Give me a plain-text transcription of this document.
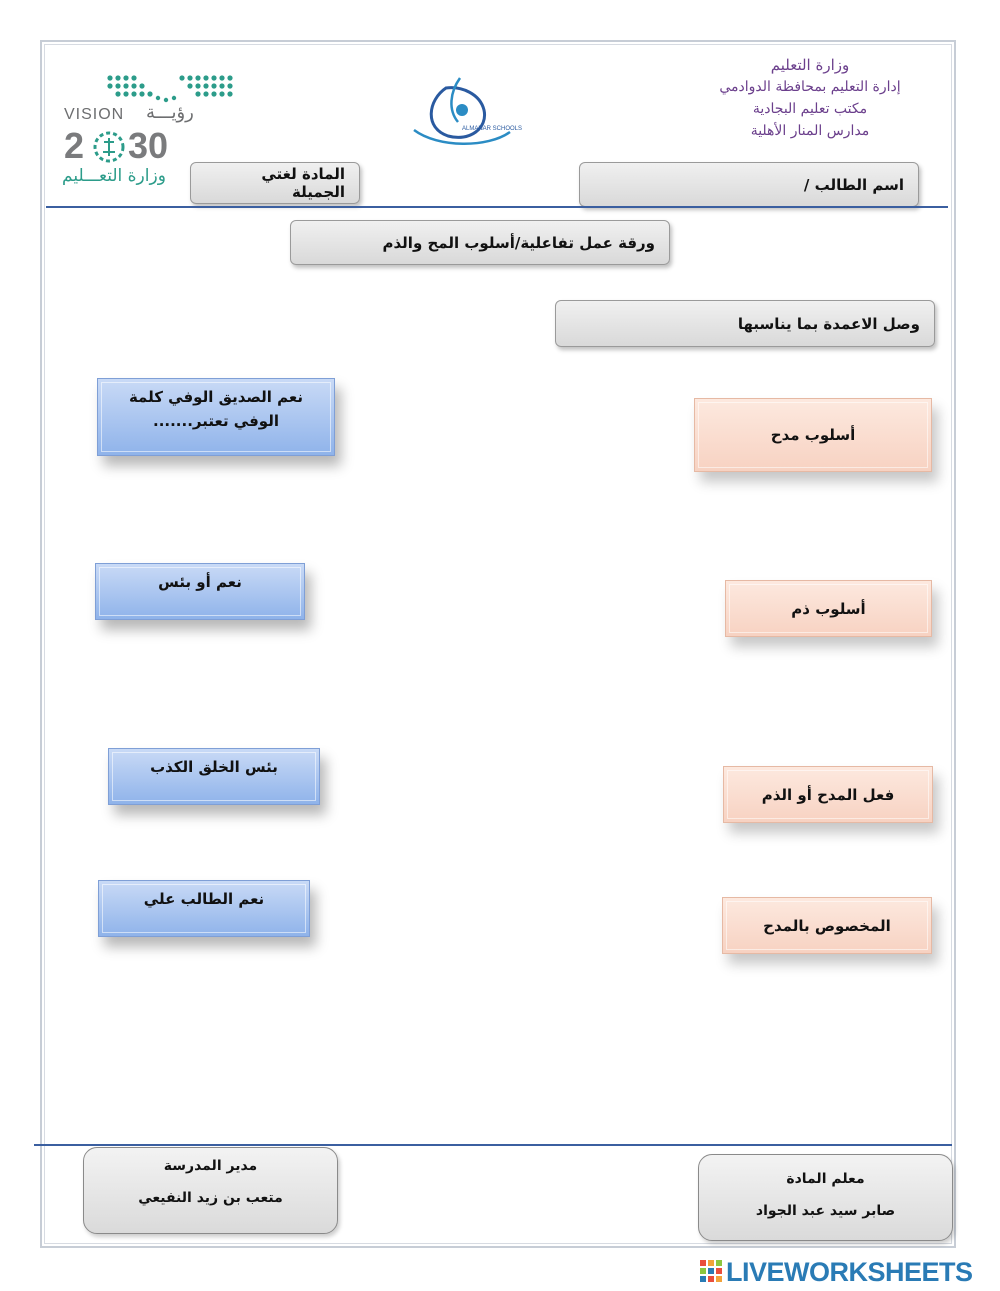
VISION رؤيـــة
2 30
وزارة التعـــليم
ALMANAR SCHOOLS
وزارة التعليم
إدارة التعليم بمحافظة الدوادمي
مكتب تعليم البجادية
مدارس المنار الأهلية
اسم الطالب /
المادة لغتي الجميلة
ورقة عمل تفاعلية/أسلوب المح والذم
وصل الاعمدة بما يناسبها
نعم الصديق الوفي كلمة الوفي تعتبر.......
نعم أو بئس
بئس الخلق الكذب
نعم الطالب علي
أسلوب مدح
أسلوب ذم
فعل المدح أو الذم
المخصوص بالمدح
مدير المدرسة
متعب بن زيد النفيعي
معلم المادة
صابر سيد عبد الجواد
LIVEWORKSHEETS
